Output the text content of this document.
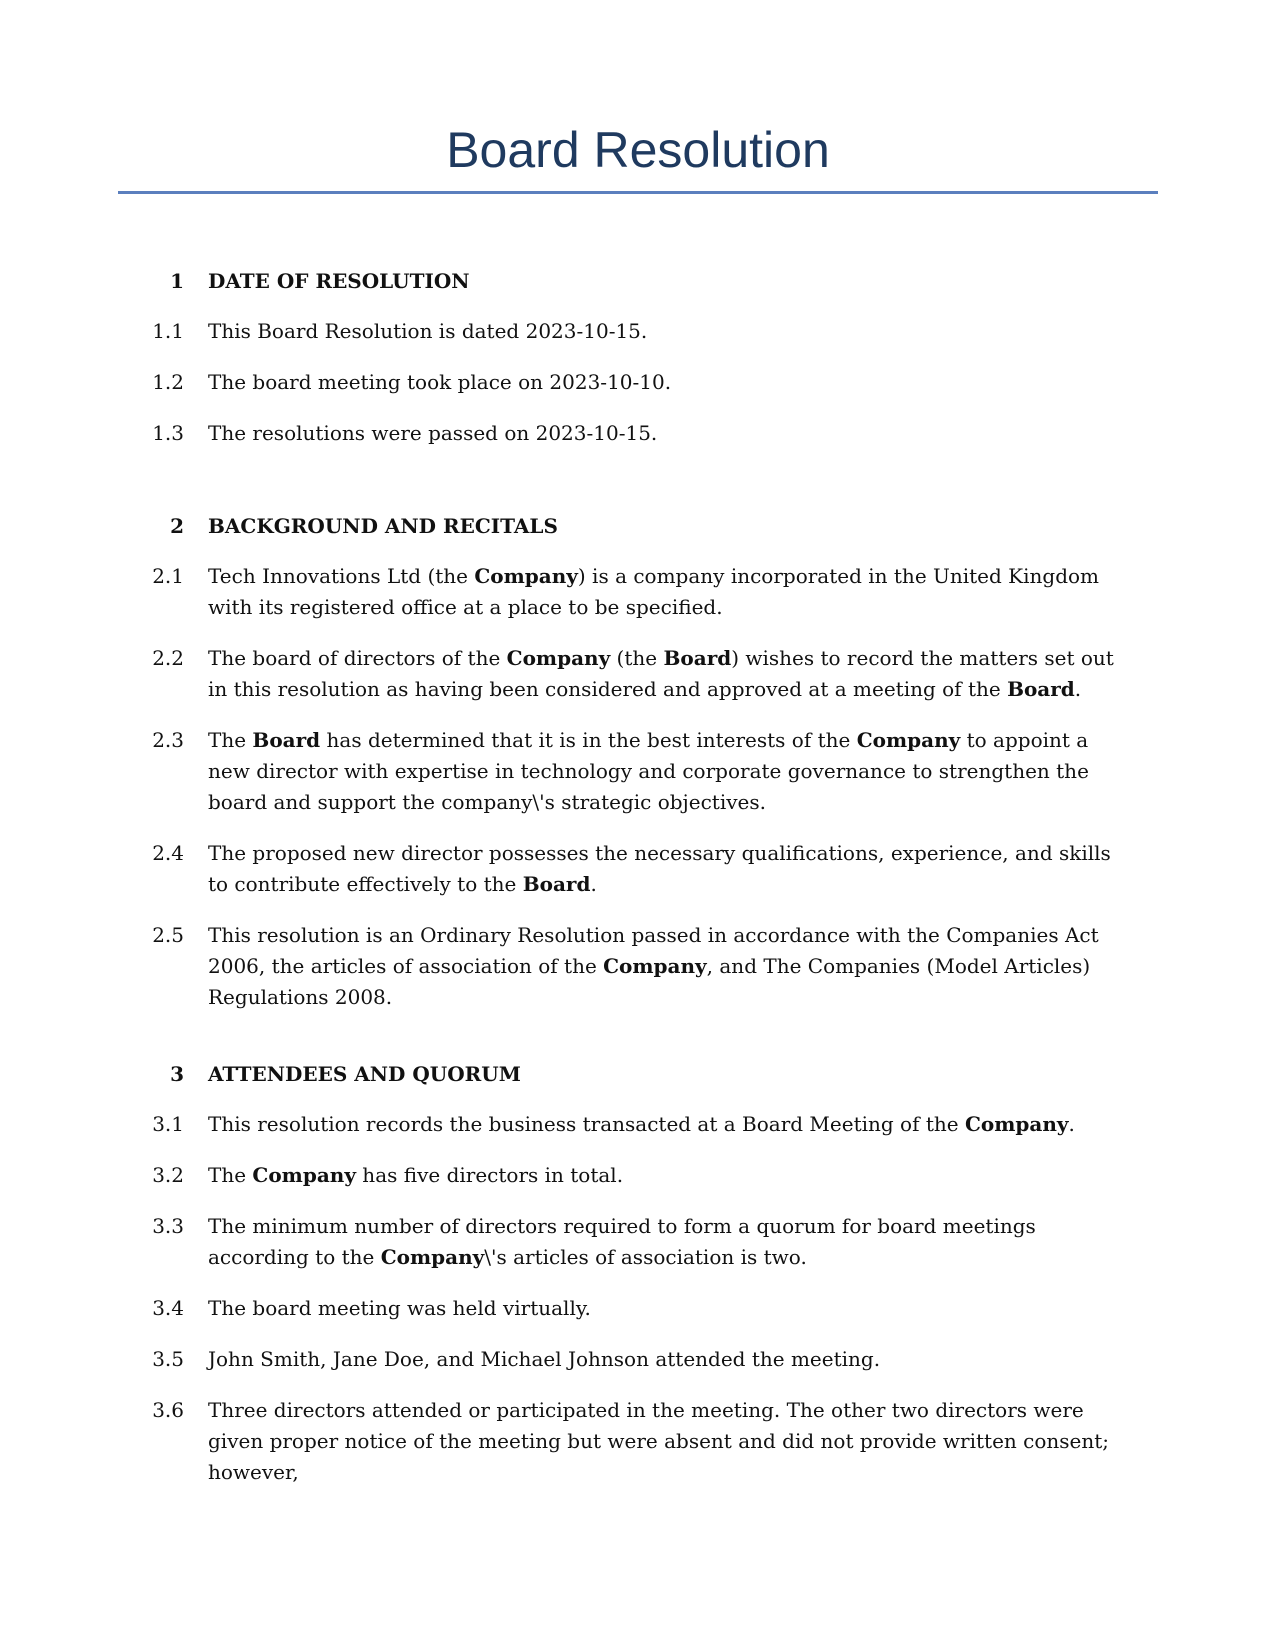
Board Resolution
1 DATE OF RESOLUTION
1.1 This Board Resolution is dated 2023-10-15.
1.2 The board meeting took place on 2023-10-10.
1.3 The resolutions were passed on 2023-10-15.
2 BACKGROUND AND RECITALS
2.1 Tech Innovations Ltd (the Company) is a company incorporated in the United Kingdom with its registered office at a place to be specified.
2.2 The board of directors of the Company (the Board) wishes to record the matters set out in this resolution as having been considered and approved at a meeting of the Board.
2.3 The Board has determined that it is in the best interests of the Company to appoint a new director with expertise in technology and corporate governance to strengthen the board and support the company\'s strategic objectives.
2.4 The proposed new director possesses the necessary qualifications, experience, and skills to contribute effectively to the Board.
2.5 This resolution is an Ordinary Resolution passed in accordance with the Companies Act 2006, the articles of association of the Company, and The Companies (Model Articles) Regulations 2008.
3 ATTENDEES AND QUORUM
3.1 This resolution records the business transacted at a Board Meeting of the Company.
3.2 The Company has five directors in total.
3.3 The minimum number of directors required to form a quorum for board meetings according to the Company\'s articles of association is two.
3.4 The board meeting was held virtually.
3.5 John Smith, Jane Doe, and Michael Johnson attended the meeting.
3.6 Three directors attended or participated in the meeting. The other two directors were given proper notice of the meeting but were absent and did not provide written consent; however,
